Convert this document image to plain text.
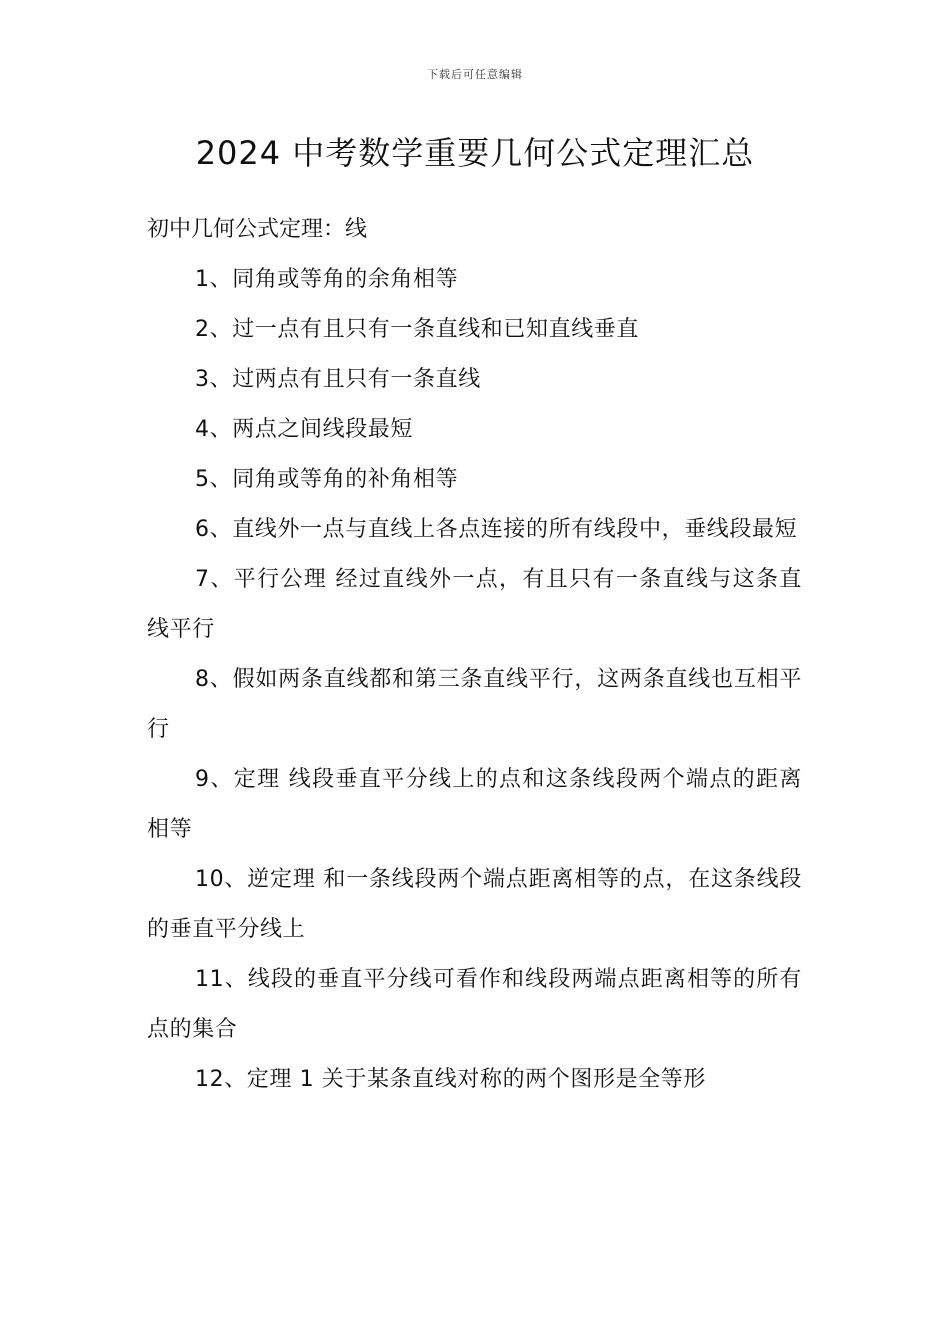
下载后可任意编辑
2024 中考数学重要几何公式定理汇总

初中几何公式定理：线

1、同角或等角的余角相等

2、过一点有且只有一条直线和已知直线垂直

3、过两点有且只有一条直线

4、两点之间线段最短

5、同角或等角的补角相等

6、直线外一点与直线上各点连接的所有线段中，垂线段最短

7、平行公理 经过直线外一点，有且只有一条直线与这条直线平行

8、假如两条直线都和第三条直线平行，这两条直线也互相平行

9、定理 线段垂直平分线上的点和这条线段两个端点的距离相等

10、逆定理 和一条线段两个端点距离相等的点，在这条线段的垂直平分线上

11、线段的垂直平分线可看作和线段两端点距离相等的所有点的集合

12、定理 1 关于某条直线对称的两个图形是全等形
